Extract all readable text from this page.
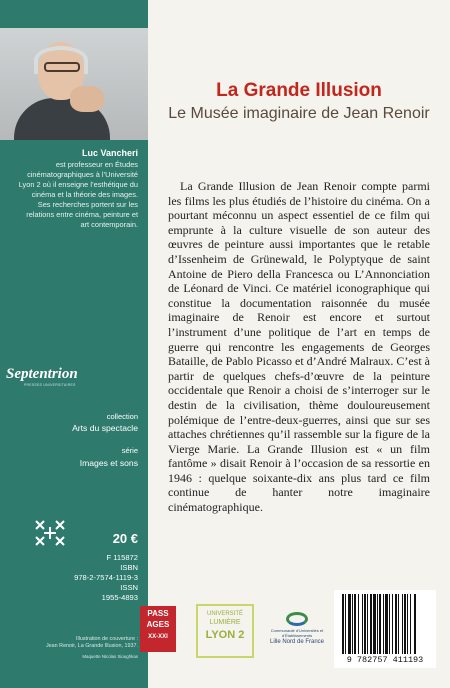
Luc Vancheri
est professeur en Études cinématographiques à l’Université Lyon 2 où il enseigne l’esthétique du cinéma et la théorie des images. Ses recherches portent sur les relations entre cinéma, peinture et art contemporain.
Septentrion
PRESSES UNIVERSITAIRES
collection
Arts du spectacle
série
Images et sons
20 €
F 115872
ISBN
978-2-7574-1119-3
ISSN
1955-4893
Illustration de couverture :
Jean Renoir, La Grande Illusion, 1937.
Maquette Nicolas Sioughkas
La Grande Illusion
Le Musée imaginaire de Jean Renoir

La Grande Illusion de Jean Renoir compte parmi les films les plus étudiés de l’histoire du cinéma. On a pourtant méconnu un aspect essentiel de ce film qui emprunte à la culture visuelle de son auteur des œuvres de peinture aussi importantes que le retable d’Issenheim de Grünewald, le Polyptyque de saint Antoine de Piero della Francesca ou L’Annonciation de Léonard de Vinci. Ce matériel iconographique qui constitue la documentation raisonnée du musée imaginaire de Renoir est encore et surtout l’instrument d’une politique de l’art en temps de guerre qui rencontre les engagements de Georges Bataille, de Pablo Picasso et d’André Malraux. C’est à partir de quelques chefs-d’œuvre de la peinture occidentale que Renoir a choisi de s’interroger sur le destin de la civilisation, thème douloureusement polémique de l’entre-deux-guerres, ainsi que sur ses attaches chrétiennes qu’il rassemble sur la figure de la Vierge Marie. La Grande Illusion est « un film fantôme » disait Renoir à l’occasion de sa ressortie en 1946 : quelque soixante-dix ans plus tard ce film continue de hanter notre imaginaire cinématographique.

PASS
AGES
XX-XXI
UNIVERSITÉ
LUMIÈRE
LYON 2	Communauté d’Universités et d’Établissements
Lille Nord de France
9 782757 411193
